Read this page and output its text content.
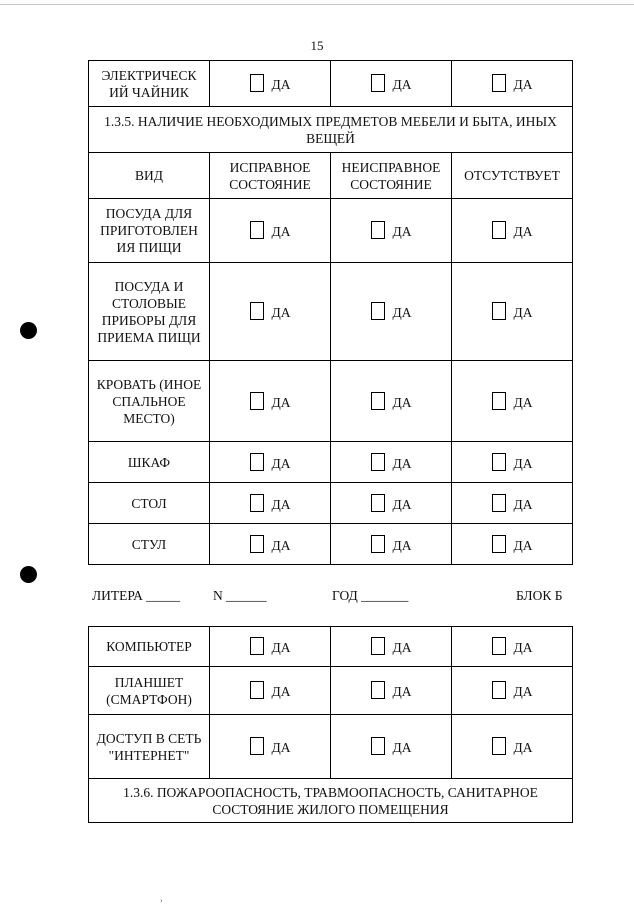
15
ЭЛЕКТРИЧЕСК ИЙ ЧАЙНИК	ДА	ДА	ДА
1.3.5. НАЛИЧИЕ НЕОБХОДИМЫХ ПРЕДМЕТОВ МЕБЕЛИ И БЫТА, ИНЫХ ВЕЩЕЙ			
ВИД	ИСПРАВНОЕ СОСТОЯНИЕ	НЕИСПРАВНОЕ СОСТОЯНИЕ	ОТСУТСТВУЕТ
ПОСУДА ДЛЯ ПРИГОТОВЛЕН ИЯ ПИЩИ	ДА	ДА	ДА
ПОСУДА И СТОЛОВЫЕ ПРИБОРЫ ДЛЯ ПРИЕМА ПИЩИ	ДА	ДА	ДА
КРОВАТЬ (ИНОЕ СПАЛЬНОЕ МЕСТО)	ДА	ДА	ДА
ШКАФ	ДА	ДА	ДА
СТОЛ	ДА	ДА	ДА
СТУЛ	ДА	ДА	ДА
ЛИТЕРА _____ N ______	ГОД _______	БЛОК Б
КОМПЬЮТЕР	ДА	ДА	ДА
ПЛАНШЕТ (СМАРТФОН)	ДА	ДА	ДА
ДОСТУП В СЕТЬ "ИНТЕРНЕТ"	ДА	ДА	ДА
1.3.6. ПОЖАРООПАСНОСТЬ, ТРАВМООПАСНОСТЬ, САНИТАРНОЕ СОСТОЯНИЕ ЖИЛОГО ПОМЕЩЕНИЯ			
›
